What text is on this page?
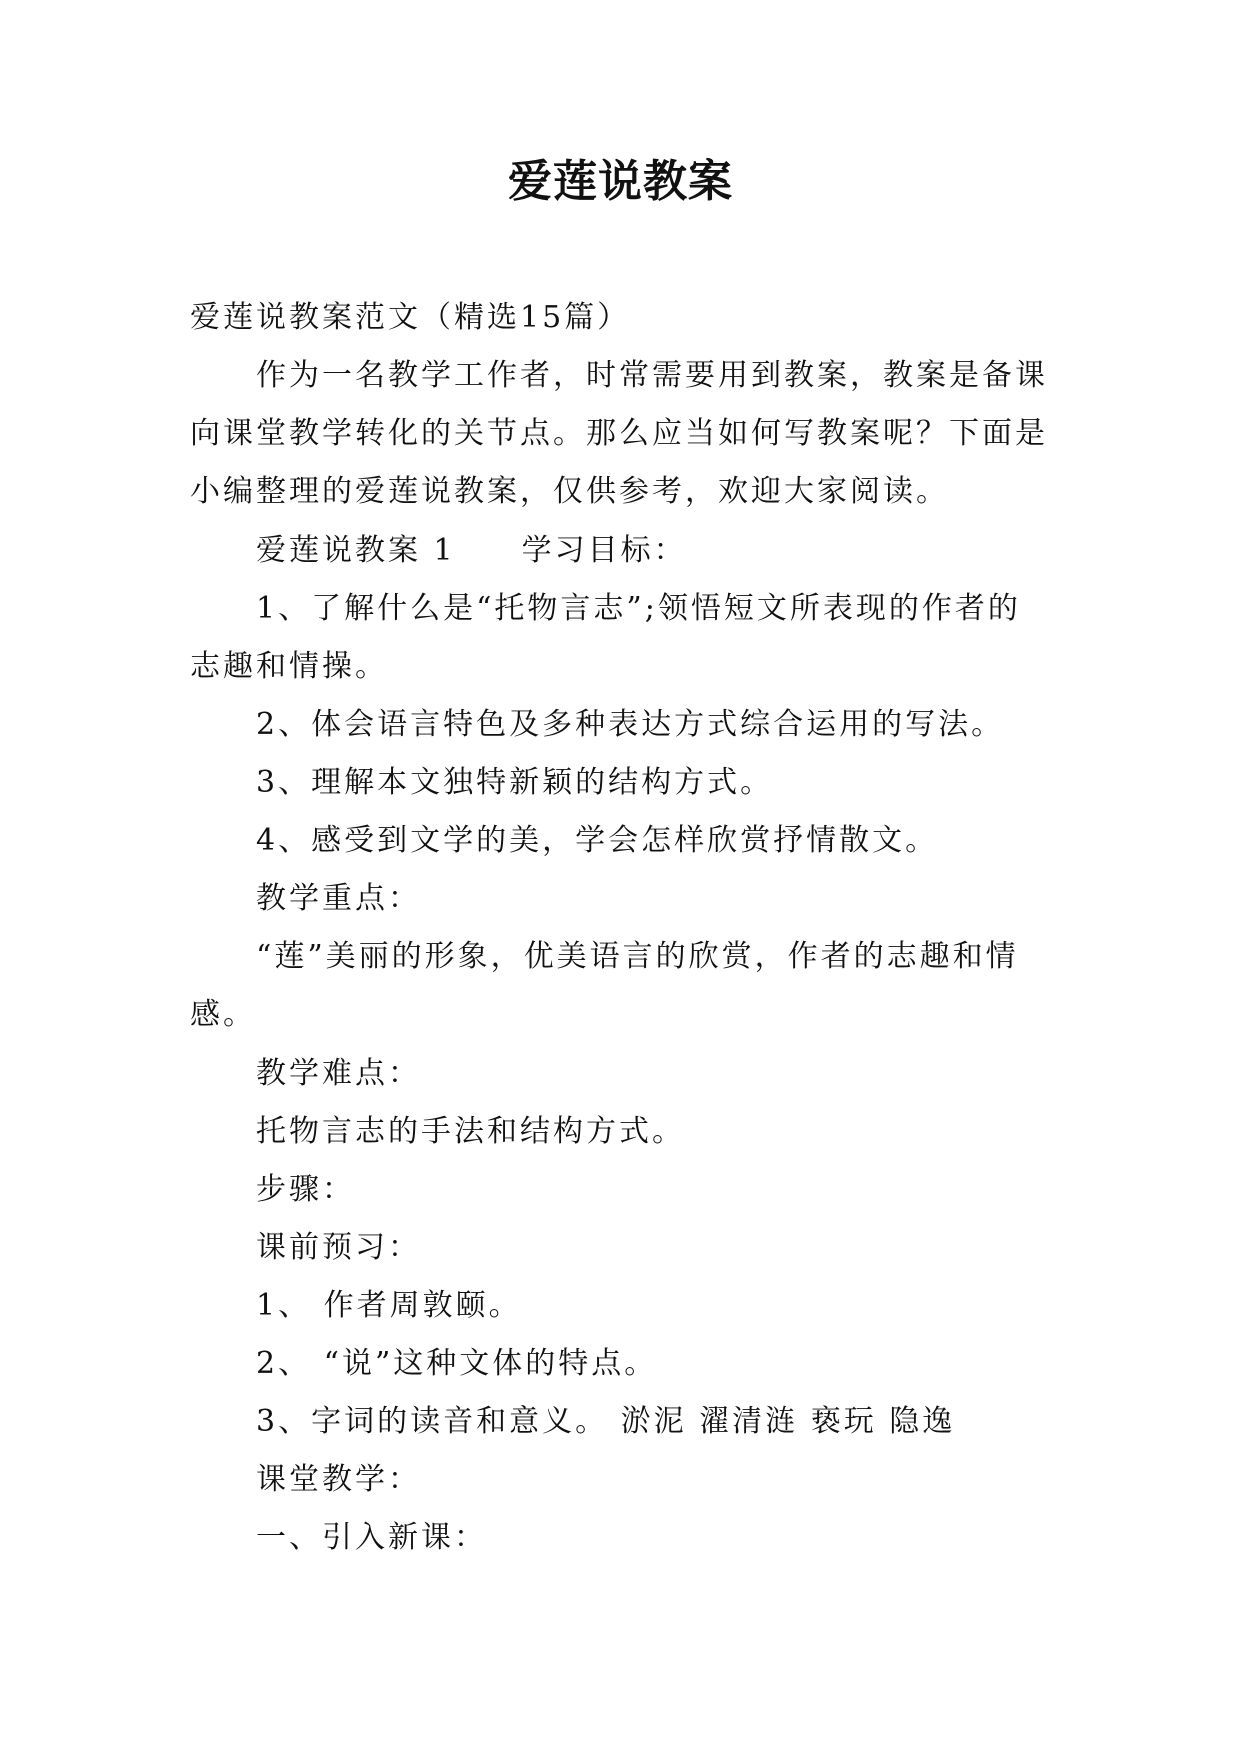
爱莲说教案
爱莲说教案范文（精选15篇）
作为一名教学工作者，时常需要用到教案，教案是备课
向课堂教学转化的关节点。那么应当如何写教案呢？下面是
小编整理的爱莲说教案，仅供参考，欢迎大家阅读。
爱莲说教案 1　　学习目标：
1、了解什么是“托物言志”;领悟短文所表现的作者的
志趣和情操。
2、体会语言特色及多种表达方式综合运用的写法。
3、理解本文独特新颖的结构方式。
4、感受到文学的美，学会怎样欣赏抒情散文。
教学重点：
“莲”美丽的形象，优美语言的欣赏，作者的志趣和情
感。
教学难点：
托物言志的手法和结构方式。
步骤：
课前预习：
1、 作者周敦颐。
2、 “说”这种文体的特点。
3、字词的读音和意义。 淤泥 濯清涟 亵玩 隐逸
课堂教学：
一、引入新课：
